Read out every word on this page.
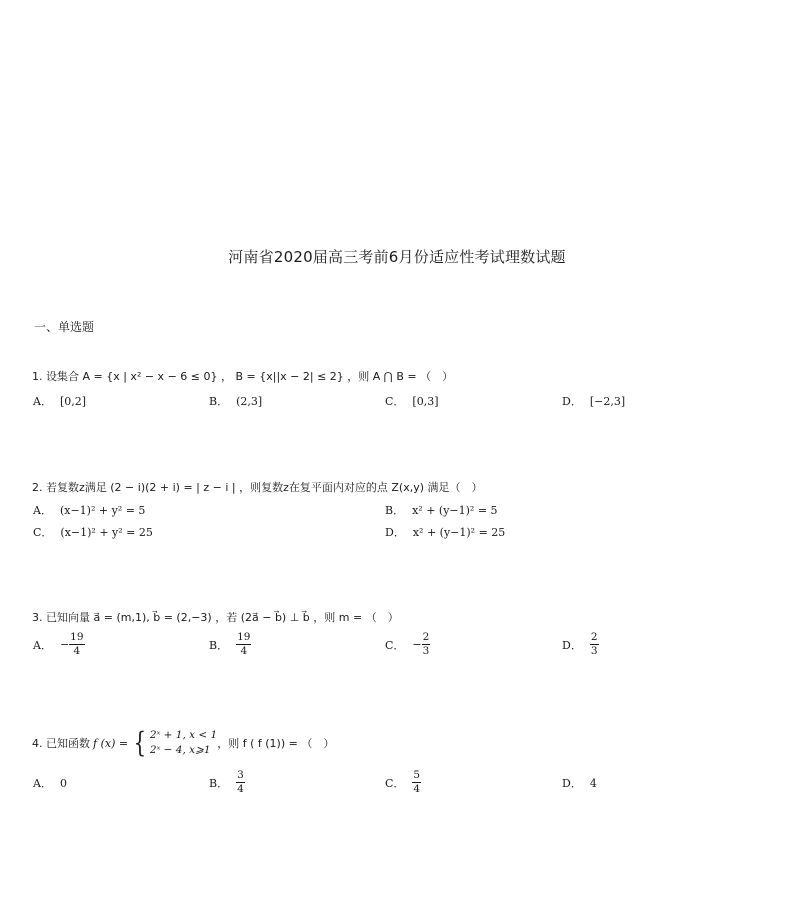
河南省2020届高三考前6月份适应性考试理数试题
一、单选题
1. 设集合 A = {x | x² − x − 6 ≤ 0} ， B = {x||x − 2| ≤ 2} ，则 A ⋂ B = （　）
A． [0,2]	B． (2,3]	C． [0,3]	D． [−2,3]
2. 若复数z满足 (2 − i)(2 + i) = | z − i | ，则复数z在复平面内对应的点 Z(x,y) 满足（　）
A． (x−1)² + y² = 5	B． x² + (y−1)² = 5
C． (x−1)² + y² = 25	D． x² + (y−1)² = 25
3. 已知向量 a⃗ = (m,1), b⃗ = (2,−3) ，若 (2a⃗ − b⃗) ⊥ b⃗ ，则 m = （　）
A． − $\frac{19}{4}$	B． $\frac{19}{4}$	C． − $\frac{2}{3}$	D． $\frac{2}{3}$
4. 已知函数 f (x) = { 2ˣ + 1, x < 1
2ˣ − 4, x⩾1 ，则 f ( f (1)) = （　）
A． 0	B． $\frac{3}{4}$	C． $\frac{5}{4}$	D． 4
